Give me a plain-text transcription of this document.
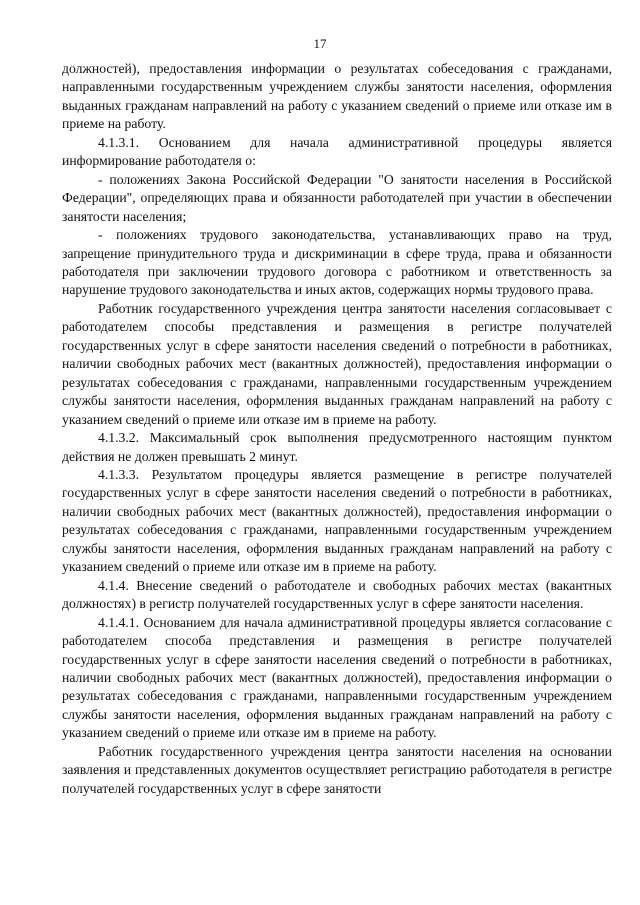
17

должностей), предоставления информации о результатах собеседования с гражданами, направленными государственным учреждением службы занятости населения, оформления выданных гражданам направлений на работу с указанием сведений о приеме или отказе им в приеме на работу.

4.1.3.1. Основанием для начала административной процедуры является информирование работодателя о:

- положениях Закона Российской Федерации "О занятости населения в Российской Федерации", определяющих права и обязанности работодателей при участии в обеспечении занятости населения;

- положениях трудового законодательства, устанавливающих право на труд, запрещение принудительного труда и дискриминации в сфере труда, права и обязанности работодателя при заключении трудового договора с работником и ответственность за нарушение трудового законодательства и иных актов, содержащих нормы трудового права.

Работник государственного учреждения центра занятости населения согласовывает с работодателем способы представления и размещения в регистре получателей государственных услуг в сфере занятости населения сведений о потребности в работниках, наличии свободных рабочих мест (вакантных должностей), предоставления информации о результатах собеседования с гражданами, направленными государственным учреждением службы занятости населения, оформления выданных гражданам направлений на работу с указанием сведений о приеме или отказе им в приеме на работу.

4.1.3.2. Максимальный срок выполнения предусмотренного настоящим пунктом действия не должен превышать 2 минут.

4.1.3.3. Результатом процедуры является размещение в регистре получателей государственных услуг в сфере занятости населения сведений о потребности в работниках, наличии свободных рабочих мест (вакантных должностей), предоставления информации о результатах собеседования с гражданами, направленными государственным учреждением службы занятости населения, оформления выданных гражданам направлений на работу с указанием сведений о приеме или отказе им в приеме на работу.

4.1.4. Внесение сведений о работодателе и свободных рабочих местах (вакантных должностях) в регистр получателей государственных услуг в сфере занятости населения.

4.1.4.1. Основанием для начала административной процедуры является согласование с работодателем способа представления и размещения в регистре получателей государственных услуг в сфере занятости населения сведений о потребности в работниках, наличии свободных рабочих мест (вакантных должностей), предоставления информации о результатах собеседования с гражданами, направленными государственным учреждением службы занятости населения, оформления выданных гражданам направлений на работу с указанием сведений о приеме или отказе им в приеме на работу.

Работник государственного учреждения центра занятости населения на основании заявления и представленных документов осуществляет регистрацию работодателя в регистре получателей государственных услуг в сфере занятости
